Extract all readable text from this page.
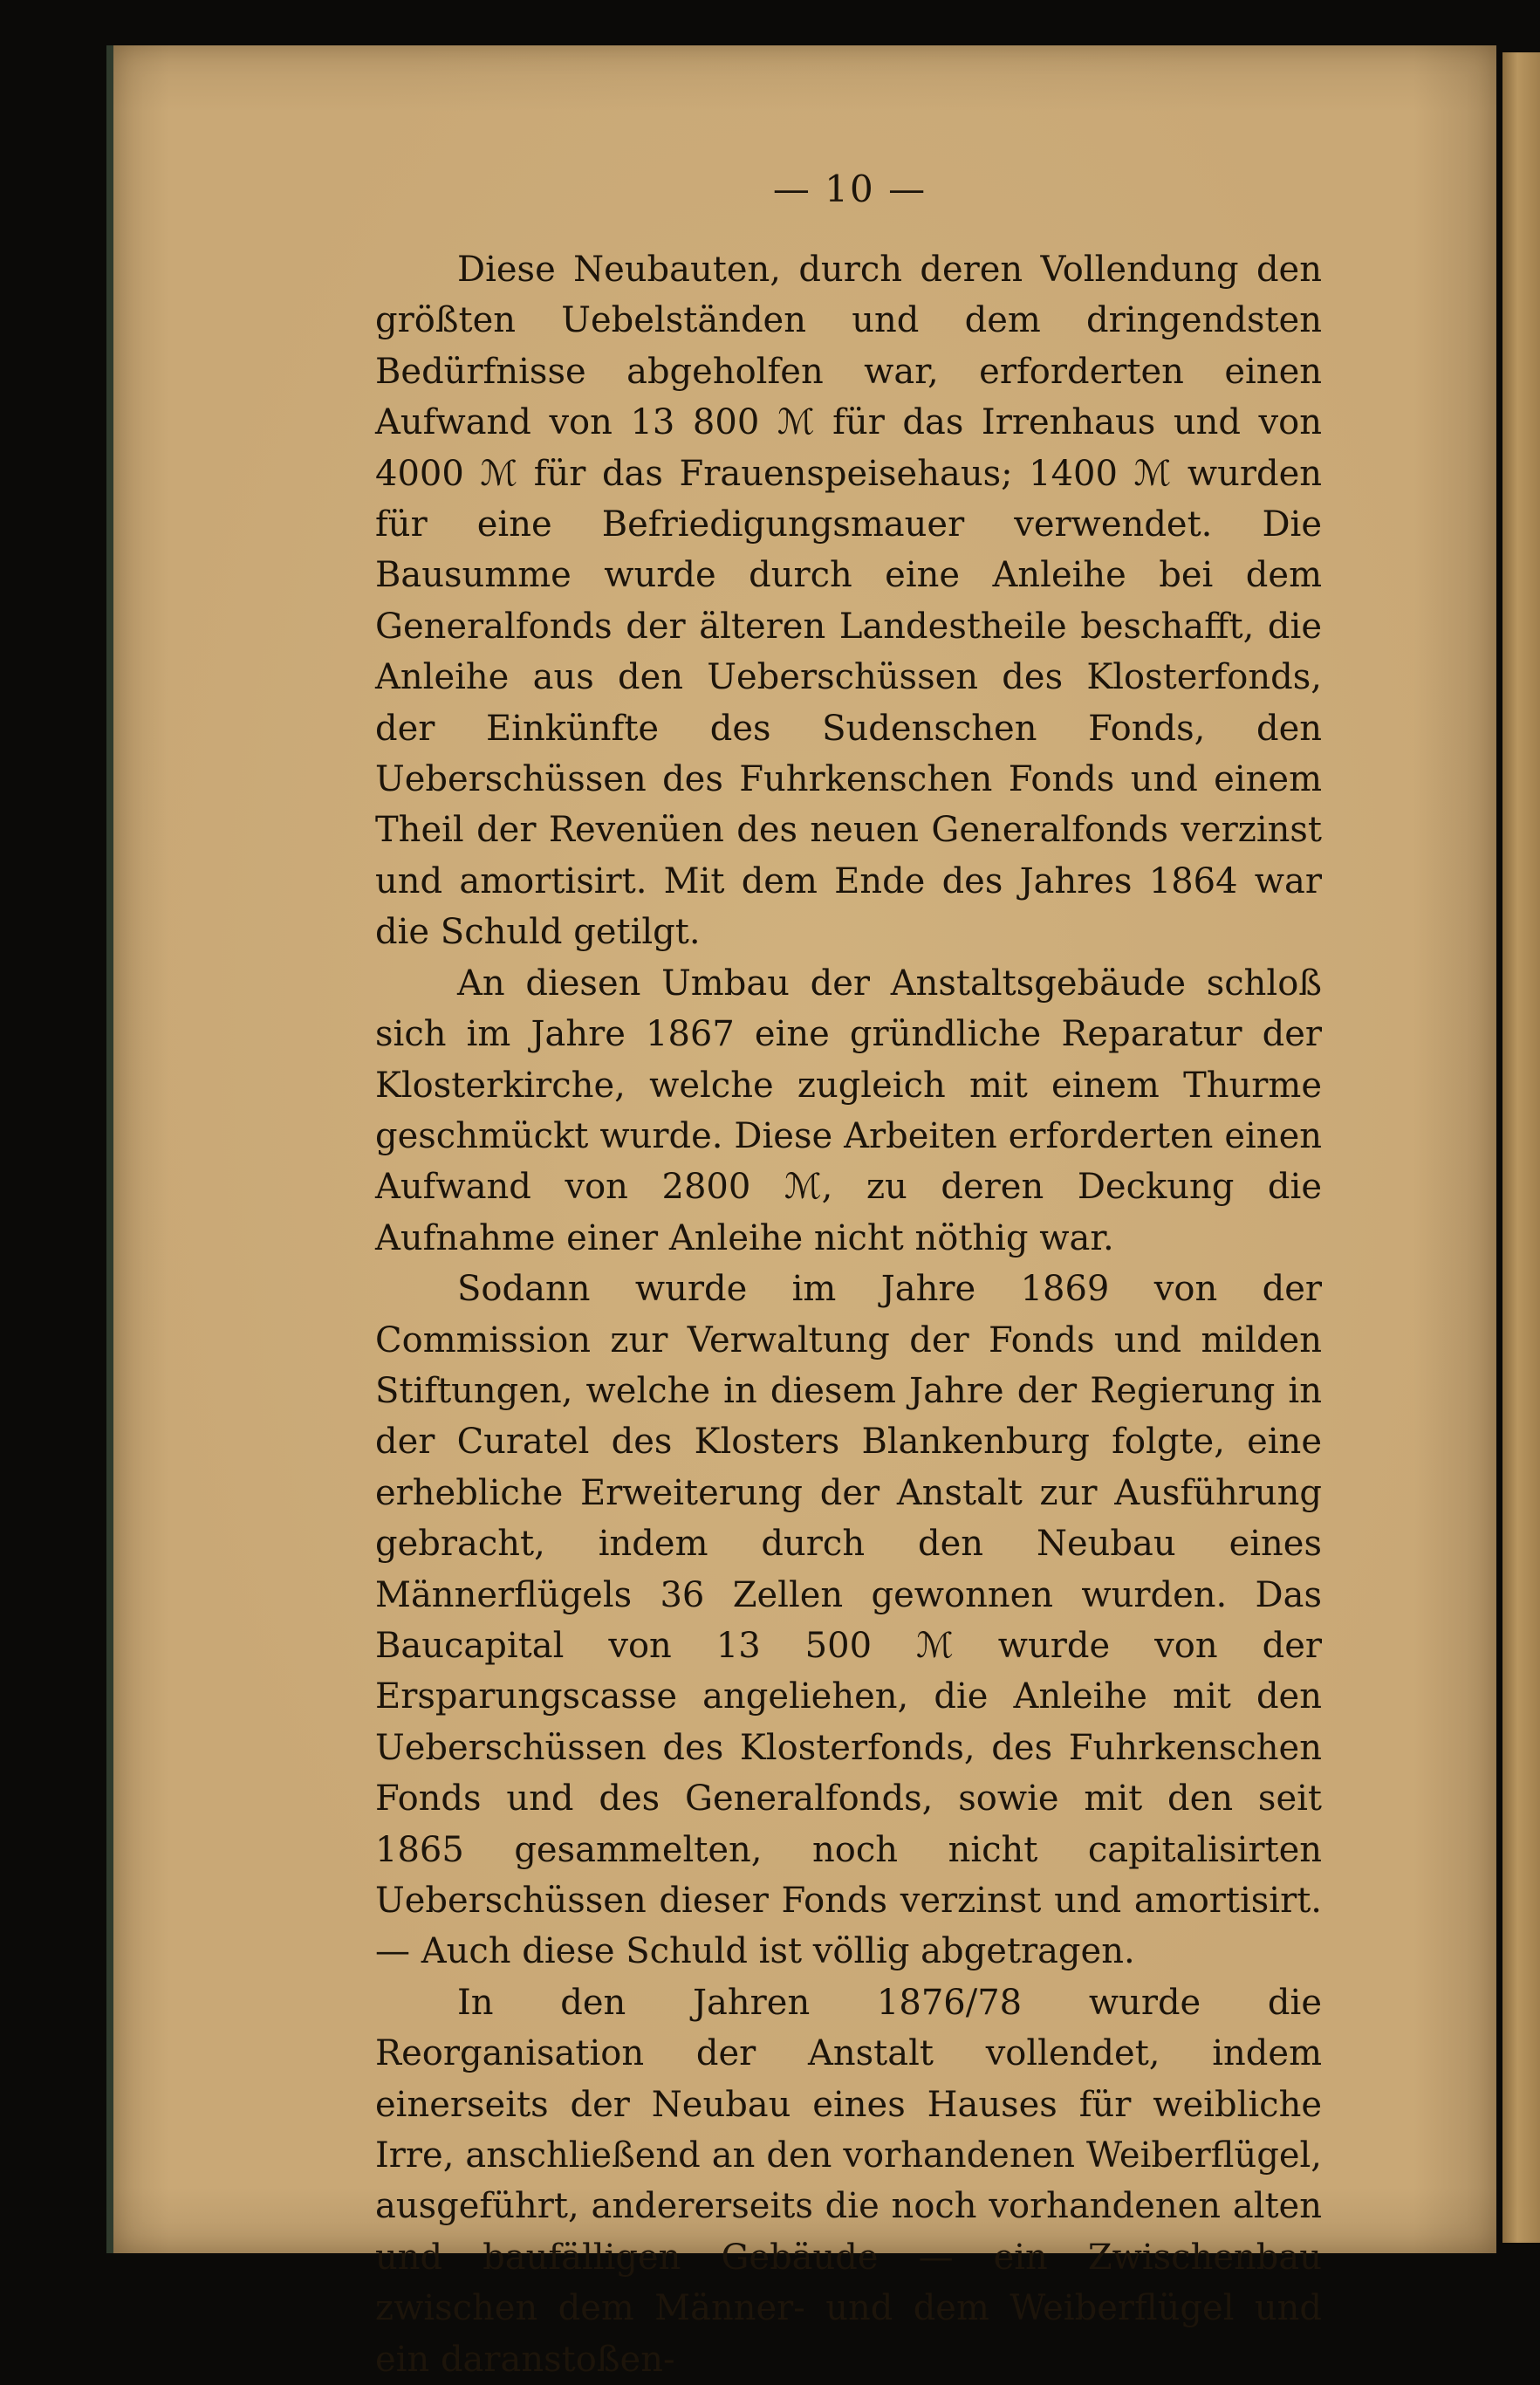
— 10 —

Diese Neubauten, durch deren Vollendung den größten Uebelständen und dem dringendsten Bedürfnisse abgeholfen war, erforderten einen Aufwand von 13 800 ℳ für das Irrenhaus und von 4000 ℳ für das Frauenspeisehaus; 1400 ℳ wurden für eine Befriedigungsmauer verwendet. Die Bausumme wurde durch eine Anleihe bei dem Generalfonds der älteren Landestheile beschafft, die Anleihe aus den Ueberschüssen des Klosterfonds, der Einkünfte des Sudenschen Fonds, den Ueberschüssen des Fuhrkenschen Fonds und einem Theil der Revenüen des neuen Generalfonds verzinst und amortisirt. Mit dem Ende des Jahres 1864 war die Schuld getilgt.

An diesen Umbau der Anstaltsgebäude schloß sich im Jahre 1867 eine gründliche Reparatur der Klosterkirche, welche zugleich mit einem Thurme geschmückt wurde. Diese Arbeiten erforderten einen Aufwand von 2800 ℳ, zu deren Deckung die Aufnahme einer Anleihe nicht nöthig war.

Sodann wurde im Jahre 1869 von der Commission zur Verwaltung der Fonds und milden Stiftungen, welche in diesem Jahre der Regierung in der Curatel des Klosters Blankenburg folgte, eine erhebliche Erweiterung der Anstalt zur Ausführung gebracht, indem durch den Neubau eines Männerflügels 36 Zellen gewonnen wurden. Das Baucapital von 13 500 ℳ wurde von der Ersparungscasse angeliehen, die Anleihe mit den Ueberschüssen des Klosterfonds, des Fuhrkenschen Fonds und des Generalfonds, sowie mit den seit 1865 gesammelten, noch nicht capitalisirten Ueberschüssen dieser Fonds verzinst und amortisirt. — Auch diese Schuld ist völlig abgetragen.

In den Jahren 1876/78 wurde die Reorganisation der Anstalt vollendet, indem einerseits der Neubau eines Hauses für weibliche Irre, anschließend an den vorhandenen Weiberflügel, ausgeführt, andererseits die noch vorhandenen alten und baufälligen Gebäude — ein Zwischenbau zwischen dem Männer- und dem Weiberflügel und ein daranstoßen-
